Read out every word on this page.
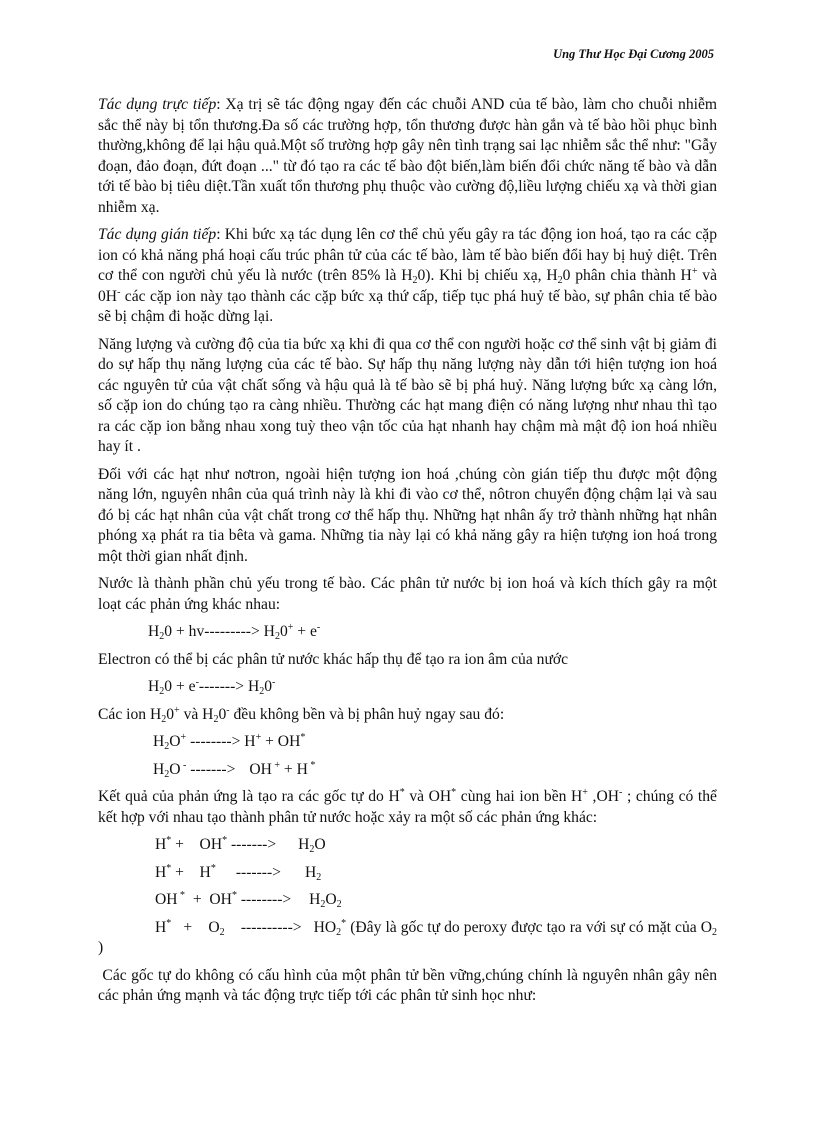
Ung Thư Học Đại Cương 2005

Tác dụng trực tiếp: Xạ trị sẽ tác động ngay đến các chuỗi AND của tế bào, làm cho chuỗi nhiễm sắc thể này bị tổn thương.Đa số các trường hợp, tổn thương được hàn gắn và tế bào hồi phục bình thường,không để lại hậu quả.Một số trường hợp gây nên tình trạng sai lạc nhiễm sắc thể như: "Gẫy đoạn, đảo đoạn, đứt đoạn ..." từ đó tạo ra các tế bào đột biến,làm biến đổi chức năng tế bào và dẫn tới tế bào bị tiêu diệt.Tần xuất tổn thương phụ thuộc vào cường độ,liều lượng chiếu xạ và thời gian nhiễm xạ.

Tác dụng gián tiếp: Khi bức xạ tác dụng lên cơ thể chủ yếu gây ra tác động ion hoá, tạo ra các cặp ion có khả năng phá hoại cấu trúc phân tử của các tế bào, làm tế bào biến đổi hay bị huỷ diệt. Trên cơ thể con người chủ yếu là nước (trên 85% là $H_20$). Khi bị chiếu xạ, $H_20$ phân chia thành H+ và 0H- các cặp ion này tạo thành các cặp bức xạ thứ cấp, tiếp tục phá huỷ tế bào, sự phân chia tế bào sẽ bị chậm đi hoặc dừng lại.

Năng lượng và cường độ của tia bức xạ khi đi qua cơ thể con người hoặc cơ thể sinh vật bị giảm đi do sự hấp thụ năng lượng của các tế bào. Sự hấp thụ năng lượng này dẫn tới hiện tượng ion hoá các nguyên tử của vật chất sống và hậu quả là tế bào sẽ bị phá huỷ. Năng lượng bức xạ càng lớn, số cặp ion do chúng tạo ra càng nhiều. Thường các hạt mang điện có năng lượng như nhau thì tạo ra các cặp ion bằng nhau xong tuỳ theo vận tốc của hạt nhanh hay chậm mà mật độ ion hoá nhiều hay ít .

Đối với các hạt như nơtron, ngoài hiện tượng ion hoá ,chúng còn gián tiếp thu được một động năng lớn, nguyên nhân của quá trình này là khi đi vào cơ thể, nôtron chuyển động chậm lại và sau đó bị các hạt nhân của vật chất trong cơ thể hấp thụ. Những hạt nhân ấy trở thành những hạt nhân phóng xạ phát ra tia bêta và gama. Những tia này lại có khả năng gây ra hiện tượng ion hoá trong một thời gian nhất định.

Nước là thành phần chủ yếu trong tế bào. Các phân tử nước bị ion hoá và kích thích gây ra một loạt các phản ứng khác nhau:

$H_20 + hv---------> H_20^+ + e^-$

Electron có thể bị các phân tử nước khác hấp thụ để tạo ra ion âm của nước

$H_20 + e^--------> H_20^-$

Các ion $H_20^+$ và $H_20^-$ đều không bền và bị phân huỷ ngay sau đó:

$H_2O^+$ --------> H+ + OH*
$H_2O$ - -------> OH + + H *

Kết quả của phản ứng là tạo ra các gốc tự do H* và OH* cùng hai ion bền H+ ,OH- ; chúng có thể kết hợp với nhau tạo thành phân tử nước hoặc xảy ra một số các phản ứng khác:

H* +    OH* -------> $H_2O$
H* +    H* -------> $H_2$
OH *  +  OH* --------> $H_2O_2$
H*   +    $O_2$    ----------> $HO_2^*$ (Đây là gốc tự do peroxy được tạo ra với sự có mặt của $O_2$ )

Các gốc tự do không có cấu hình của một phân tử bền vững,chúng chính là nguyên nhân gây nên các phản ứng mạnh và tác động trực tiếp tới các phân tử sinh học như:
